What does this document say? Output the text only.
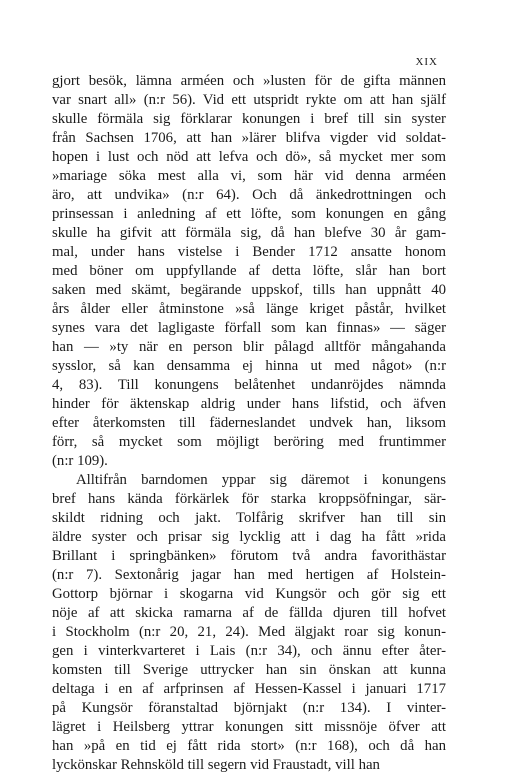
XIX
gjort besök, lämna arméen och »lusten för de gifta männen
var snart all» (n:r 56). Vid ett utspridt rykte om att han själf
skulle förmäla sig förklarar konungen i bref till sin syster
från Sachsen 1706, att han »lärer blifva vigder vid soldat-
hopen i lust och nöd att lefva och dö», så mycket mer som
»mariage söka mest alla vi, som här vid denna arméen
äro, att undvika» (n:r 64). Och då änkedrottningen och
prinsessan i anledning af ett löfte, som konungen en gång
skulle ha gifvit att förmäla sig, då han blefve 30 år gam-
mal, under hans vistelse i Bender 1712 ansatte honom
med böner om uppfyllande af detta löfte, slår han bort
saken med skämt, begärande uppskof, tills han uppnått 40
års ålder eller åtminstone »så länge kriget påstår, hvilket
synes vara det lagligaste förfall som kan finnas» — säger
han — »ty när en person blir pålagd alltför mångahanda
sysslor, så kan densamma ej hinna ut med något» (n:r
4, 83). Till konungens belåtenhet undanröjdes nämnda
hinder för äktenskap aldrig under hans lifstid, och äfven
efter återkomsten till fäderneslandet undvek han, liksom
förr, så mycket som möjligt beröring med fruntimmer
(n:r 109).
Alltifrån barndomen yppar sig däremot i konungens
bref hans kända förkärlek för starka kroppsöfningar, sär-
skildt ridning och jakt. Tolfårig skrifver han till sin
äldre syster och prisar sig lycklig att i dag ha fått »rida
Brillant i springbänken» förutom två andra favorithästar
(n:r 7). Sextonårig jagar han med hertigen af Holstein-
Gottorp björnar i skogarna vid Kungsör och gör sig ett
nöje af att skicka ramarna af de fällda djuren till hofvet
i Stockholm (n:r 20, 21, 24). Med älgjakt roar sig konun-
gen i vinterkvarteret i Lais (n:r 34), och ännu efter åter-
komsten till Sverige uttrycker han sin önskan att kunna
deltaga i en af arfprinsen af Hessen-Kassel i januari 1717
på Kungsör föranstaltad björnjakt (n:r 134). I vinter-
lägret i Heilsberg yttrar konungen sitt missnöje öfver att
han »på en tid ej fått rida stort» (n:r 168), och då han
lyckönskar Rehnsköld till segern vid Fraustadt, vill han
